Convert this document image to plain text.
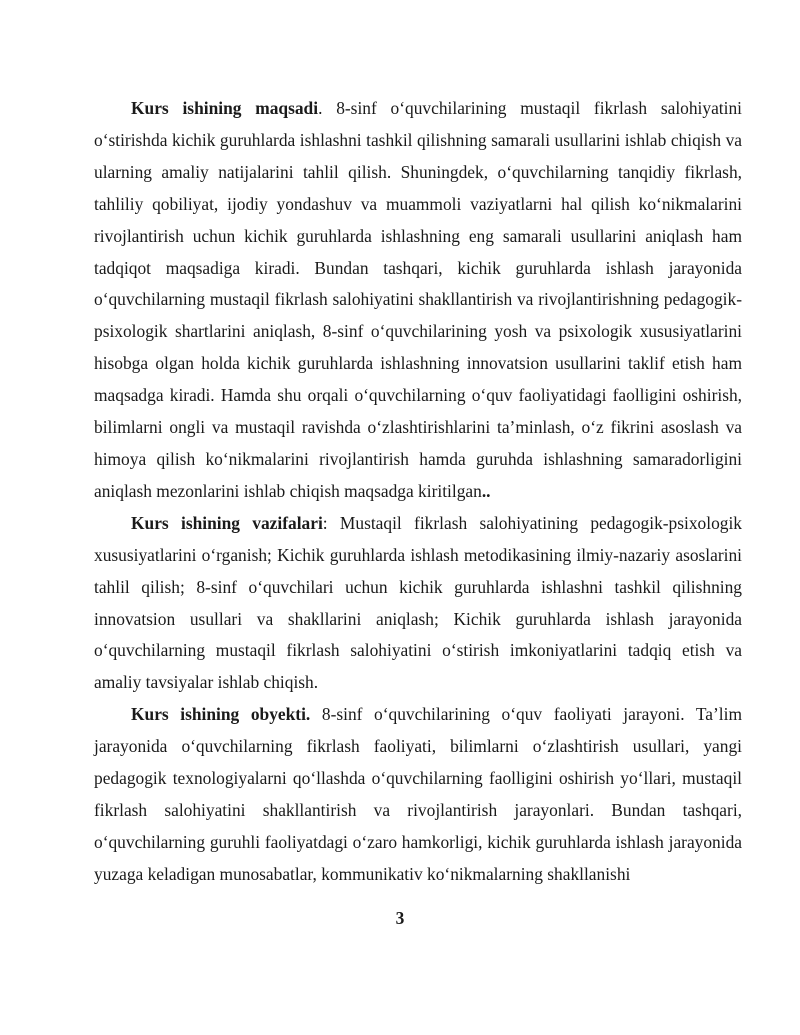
Kurs ishining maqsadi. 8-sinf o‘quvchilarining mustaqil fikrlash salohiyatini o‘stirishda kichik guruhlarda ishlashni tashkil qilishning samarali usullarini ishlab chiqish va ularning amaliy natijalarini tahlil qilish. Shuningdek, o‘quvchilarning tanqidiy fikrlash, tahliliy qobiliyat, ijodiy yondashuv va muammoli vaziyatlarni hal qilish ko‘nikmalarini rivojlantirish uchun kichik guruhlarda ishlashning eng samarali usullarini aniqlash ham tadqiqot maqsadiga kiradi. Bundan tashqari, kichik guruhlarda ishlash jarayonida o‘quvchilarning mustaqil fikrlash salohiyatini shakllantirish va rivojlantirishning pedagogik-psixologik shartlarini aniqlash, 8-sinf o‘quvchilarining yosh va psixologik xususiyatlarini hisobga olgan holda kichik guruhlarda ishlashning innovatsion usullarini taklif etish ham maqsadga kiradi. Hamda shu orqali o‘quvchilarning o‘quv faoliyatidagi faolligini oshirish, bilimlarni ongli va mustaqil ravishda o‘zlashtirishlarini ta’minlash, o‘z fikrini asoslash va himoya qilish ko‘nikmalarini rivojlantirish hamda guruhda ishlashning samaradorligini aniqlash mezonlarini ishlab chiqish maqsadga kiritilgan..

Kurs ishining vazifalari: Mustaqil fikrlash salohiyatining pedagogik-psixologik xususiyatlarini o‘rganish; Kichik guruhlarda ishlash metodikasining ilmiy-nazariy asoslarini tahlil qilish; 8-sinf o‘quvchilari uchun kichik guruhlarda ishlashni tashkil qilishning innovatsion usullari va shakllarini aniqlash; Kichik guruhlarda ishlash jarayonida o‘quvchilarning mustaqil fikrlash salohiyatini o‘stirish imkoniyatlarini tadqiq etish va amaliy tavsiyalar ishlab chiqish.

Kurs ishining obyekti. 8-sinf o‘quvchilarining o‘quv faoliyati jarayoni. Ta’lim jarayonida o‘quvchilarning fikrlash faoliyati, bilimlarni o‘zlashtirish usullari, yangi pedagogik texnologiyalarni qo‘llashda o‘quvchilarning faolligini oshirish yo‘llari, mustaqil fikrlash salohiyatini shakllantirish va rivojlantirish jarayonlari. Bundan tashqari, o‘quvchilarning guruhli faoliyatdagi o‘zaro hamkorligi, kichik guruhlarda ishlash jarayonida yuzaga keladigan munosabatlar, kommunikativ ko‘nikmalarning shakllanishi

3
